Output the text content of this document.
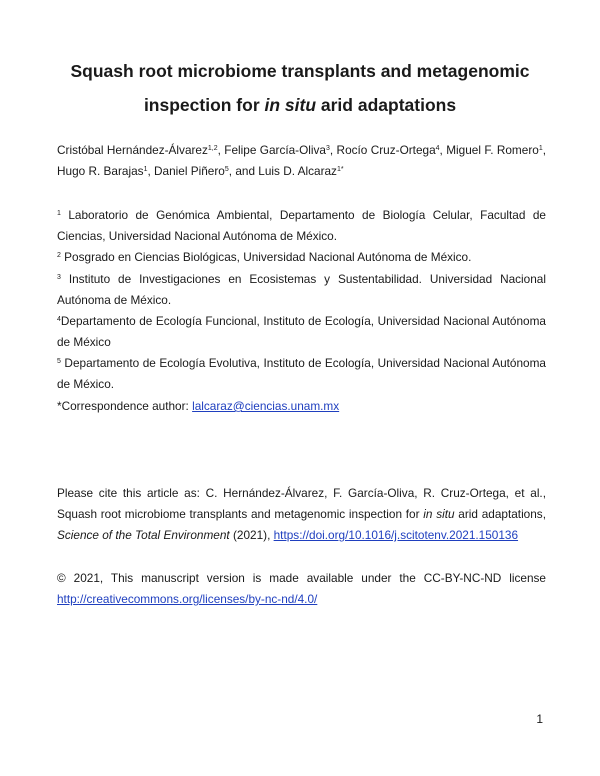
Squash root microbiome transplants and metagenomic
inspection for in situ arid adaptations
Cristóbal Hernández-Álvarez$^{1,2}$, Felipe García-Oliva$^3$, Rocío Cruz-Ortega$^4$, Miguel F. Romero$^1$,
Hugo R. Barajas$^1$, Daniel Piñero$^5$, and Luis D. Alcaraz$^{1*}$
$^1$ Laboratorio de Genómica Ambiental, Departamento de Biología Celular, Facultad de
Ciencias, Universidad Nacional Autónoma de México.
$^2$ Posgrado en Ciencias Biológicas, Universidad Nacional Autónoma de México.
$^3$ Instituto de Investigaciones en Ecosistemas y Sustentabilidad. Universidad Nacional
Autónoma de México.
$^4$Departamento de Ecología Funcional, Instituto de Ecología, Universidad Nacional Autónoma
de México
$^5$ Departamento de Ecología Evolutiva, Instituto de Ecología, Universidad Nacional Autónoma
de México.
*Correspondence author: lalcaraz@ciencias.unam.mx
Please cite this article as: C. Hernández-Álvarez, F. García-Oliva, R. Cruz-Ortega, et al.,
Squash root microbiome transplants and metagenomic inspection for in situ arid adaptations,
Science of the Total Environment (2021), https://doi.org/10.1016/j.scitotenv.2021.150136
© 2021, This manuscript version is made available under the CC-BY-NC-ND license
http://creativecommons.org/licenses/by-nc-nd/4.0/
1
